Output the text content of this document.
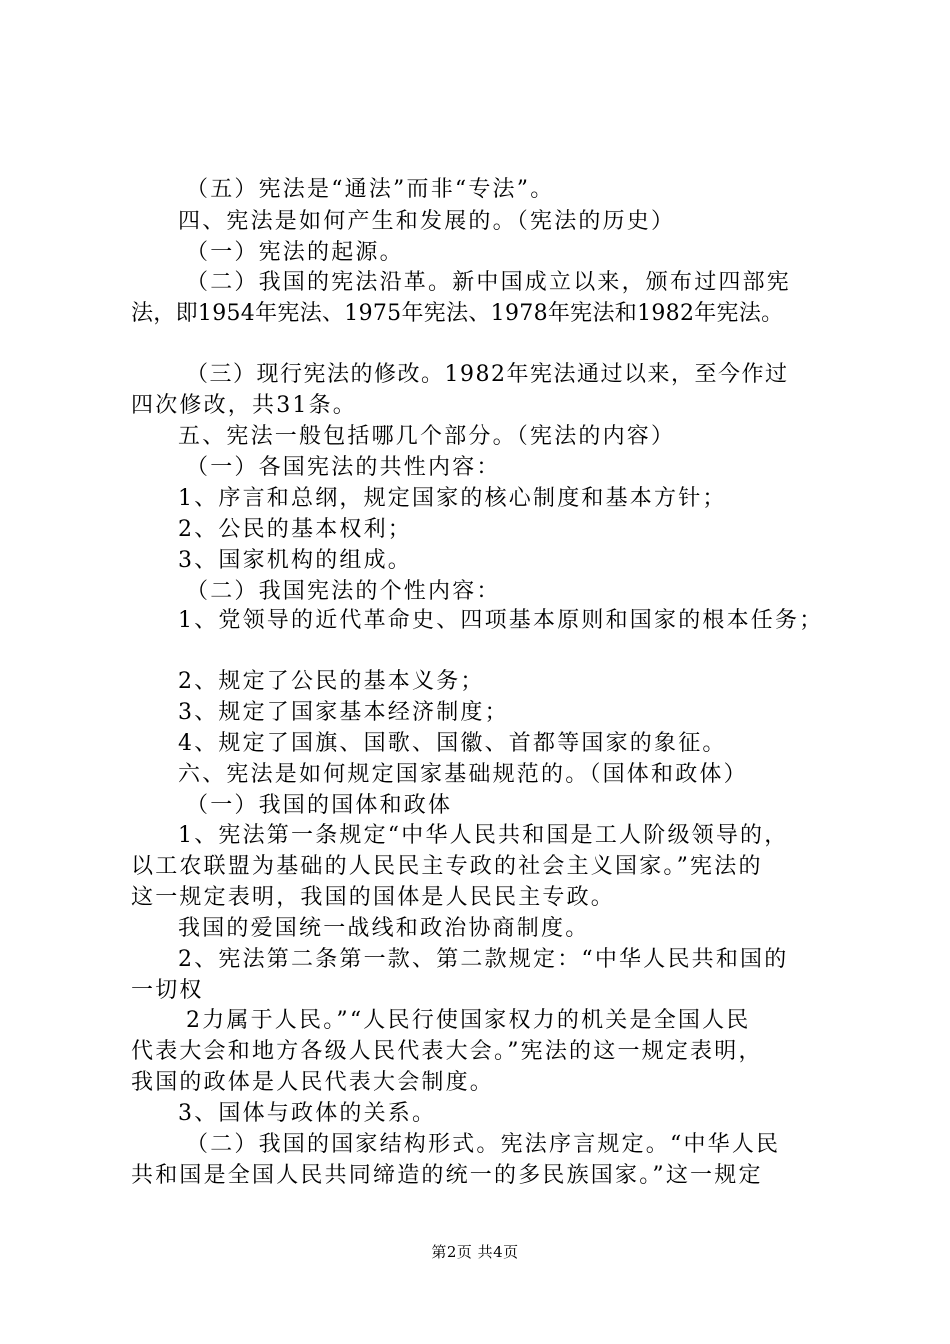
（五）宪法是“通法”而非“专法”。
四、宪法是如何产生和发展的。（宪法的历史）
（一）宪法的起源。
（二）我国的宪法沿革。新中国成立以来，颁布过四部宪
法，即1954年宪法、1975年宪法、1978年宪法和1982年宪法。
（三）现行宪法的修改。1982年宪法通过以来，至今作过
四次修改，共31条。
五、宪法一般包括哪几个部分。（宪法的内容）
（一）各国宪法的共性内容：
1、序言和总纲，规定国家的核心制度和基本方针；
2、公民的基本权利；
3、国家机构的组成。
（二）我国宪法的个性内容：
1、党领导的近代革命史、四项基本原则和国家的根本任务；
2、规定了公民的基本义务；
3、规定了国家基本经济制度；
4、规定了国旗、国歌、国徽、首都等国家的象征。
六、宪法是如何规定国家基础规范的。（国体和政体）
（一）我国的国体和政体
1、宪法第一条规定“中华人民共和国是工人阶级领导的，
以工农联盟为基础的人民民主专政的社会主义国家。”宪法的
这一规定表明，我国的国体是人民民主专政。
我国的爱国统一战线和政治协商制度。
2、宪法第二条第一款、第二款规定：“中华人民共和国的
一切权
2力属于人民。”“人民行使国家权力的机关是全国人民
代表大会和地方各级人民代表大会。”宪法的这一规定表明，
我国的政体是人民代表大会制度。
3、国体与政体的关系。
（二）我国的国家结构形式。宪法序言规定。“中华人民
共和国是全国人民共同缔造的统一的多民族国家。”这一规定
第2页 共4页
